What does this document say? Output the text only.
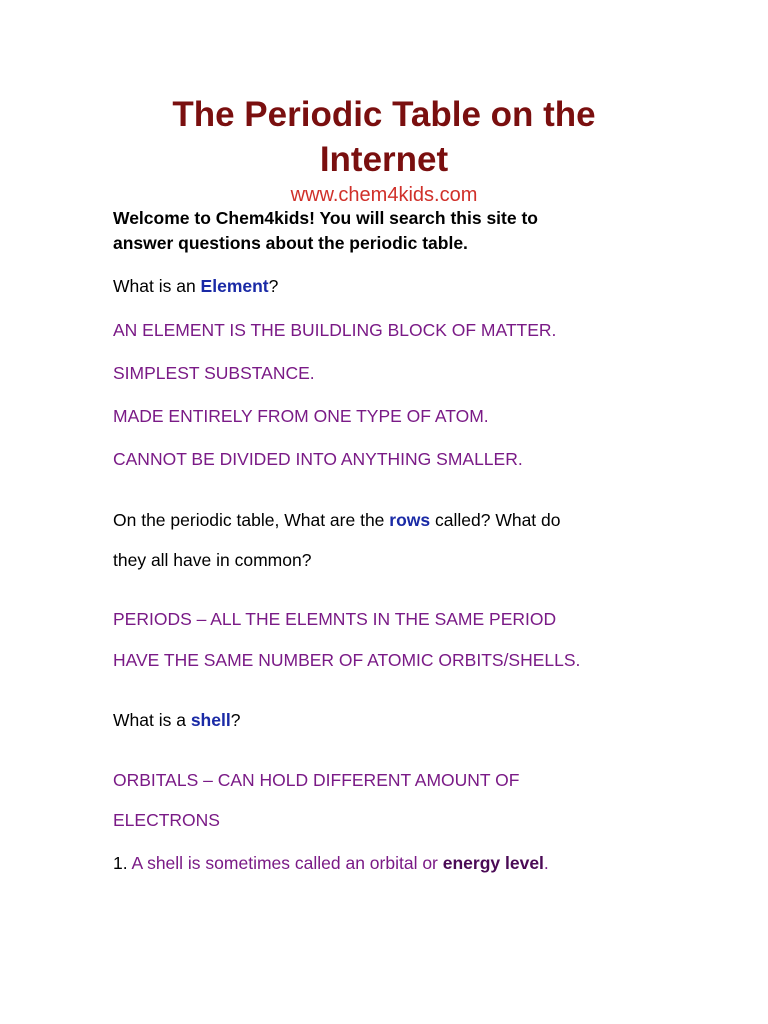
The Periodic Table on the
Internet
www.chem4kids.com
Welcome to Chem4kids! You will search this site to
answer questions about the periodic table.
What is an Element?
AN ELEMENT IS THE BUILDLING BLOCK OF MATTER.
SIMPLEST SUBSTANCE.
MADE ENTIRELY FROM ONE TYPE OF ATOM.
CANNOT BE DIVIDED INTO ANYTHING SMALLER.
On the periodic table, What are the rows called? What do
they all have in common?
PERIODS – ALL THE ELEMNTS IN THE SAME PERIOD
HAVE THE SAME NUMBER OF ATOMIC ORBITS/SHELLS.
What is a shell?
ORBITALS – CAN HOLD DIFFERENT AMOUNT OF
ELECTRONS
1. A shell is sometimes called an orbital or energy level.
